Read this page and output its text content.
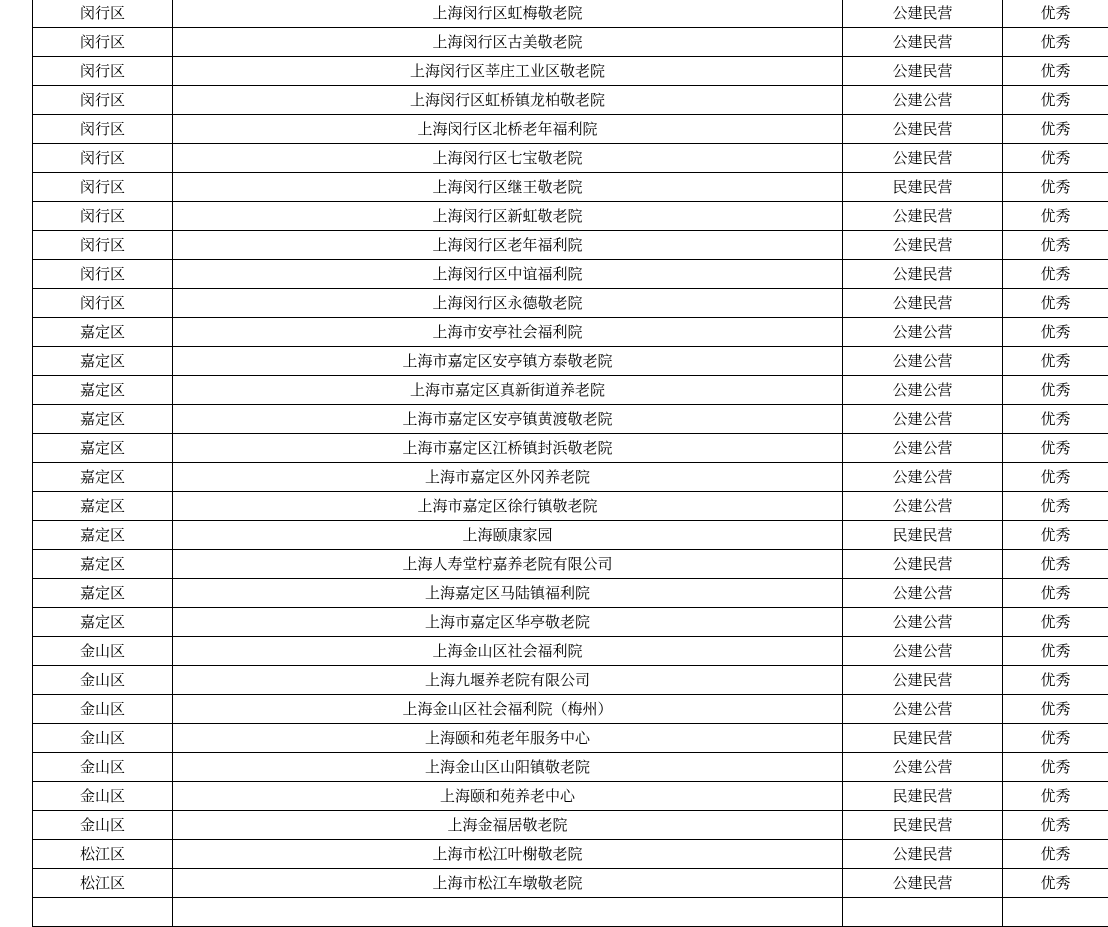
闵行区	上海闵行区虹梅敬老院	公建民营	优秀
闵行区	上海闵行区古美敬老院	公建民营	优秀
闵行区	上海闵行区莘庄工业区敬老院	公建民营	优秀
闵行区	上海闵行区虹桥镇龙柏敬老院	公建公营	优秀
闵行区	上海闵行区北桥老年福利院	公建民营	优秀
闵行区	上海闵行区七宝敬老院	公建民营	优秀
闵行区	上海闵行区继王敬老院	民建民营	优秀
闵行区	上海闵行区新虹敬老院	公建民营	优秀
闵行区	上海闵行区老年福利院	公建民营	优秀
闵行区	上海闵行区中谊福利院	公建民营	优秀
闵行区	上海闵行区永德敬老院	公建民营	优秀
嘉定区	上海市安亭社会福利院	公建公营	优秀
嘉定区	上海市嘉定区安亭镇方泰敬老院	公建公营	优秀
嘉定区	上海市嘉定区真新街道养老院	公建公营	优秀
嘉定区	上海市嘉定区安亭镇黄渡敬老院	公建公营	优秀
嘉定区	上海市嘉定区江桥镇封浜敬老院	公建公营	优秀
嘉定区	上海市嘉定区外冈养老院	公建公营	优秀
嘉定区	上海市嘉定区徐行镇敬老院	公建公营	优秀
嘉定区	上海颐康家园	民建民营	优秀
嘉定区	上海人寿堂柠嘉养老院有限公司	公建民营	优秀
嘉定区	上海嘉定区马陆镇福利院	公建公营	优秀
嘉定区	上海市嘉定区华亭敬老院	公建公营	优秀
金山区	上海金山区社会福利院	公建公营	优秀
金山区	上海九堰养老院有限公司	公建民营	优秀
金山区	上海金山区社会福利院（梅州）	公建公营	优秀
金山区	上海颐和苑老年服务中心	民建民营	优秀
金山区	上海金山区山阳镇敬老院	公建公营	优秀
金山区	上海颐和苑养老中心	民建民营	优秀
金山区	上海金福居敬老院	民建民营	优秀
松江区	上海市松江叶榭敬老院	公建民营	优秀
松江区	上海市松江车墩敬老院	公建民营	优秀
